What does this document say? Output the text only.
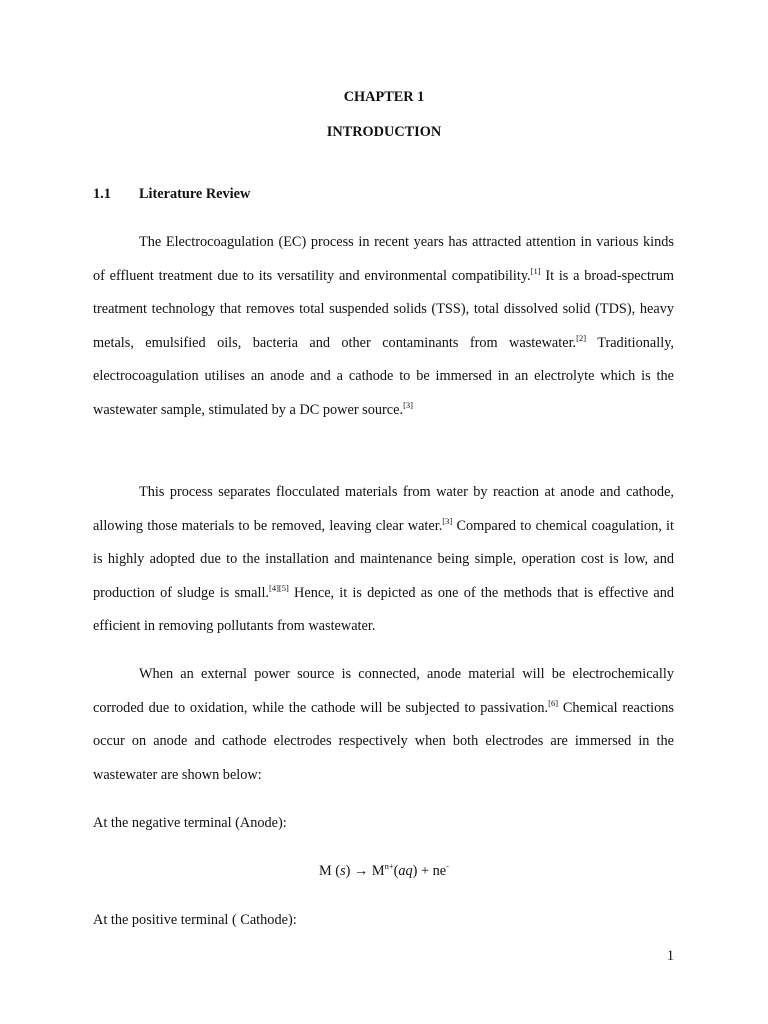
CHAPTER 1
INTRODUCTION
1.1 Literature Review

The Electrocoagulation (EC) process in recent years has attracted attention in various kinds of effluent treatment due to its versatility and environmental compatibility.[1] It is a broad-spectrum treatment technology that removes total suspended solids (TSS), total dissolved solid (TDS), heavy metals, emulsified oils, bacteria and other contaminants from wastewater.[2] Traditionally, electrocoagulation utilises an anode and a cathode to be immersed in an electrolyte which is the wastewater sample, stimulated by a DC power source.[3]

This process separates flocculated materials from water by reaction at anode and cathode, allowing those materials to be removed, leaving clear water.[3] Compared to chemical coagulation, it is highly adopted due to the installation and maintenance being simple, operation cost is low, and production of sludge is small.[4][5] Hence, it is depicted as one of the methods that is effective and efficient in removing pollutants from wastewater.

When an external power source is connected, anode material will be electrochemically corroded due to oxidation, while the cathode will be subjected to passivation.[6] Chemical reactions occur on anode and cathode electrodes respectively when both electrodes are immersed in the wastewater are shown below:

At the negative terminal (Anode):
M $(s) \to M^{n+}(aq) + ne^-$
At the positive terminal ( Cathode):
1
